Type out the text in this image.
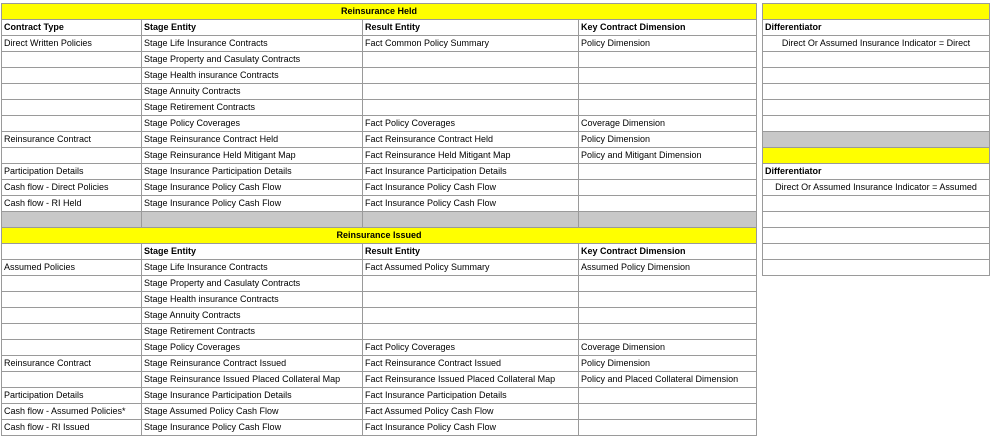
Reinsurance Held			
Contract Type	Stage Entity	Result Entity	Key Contract Dimension
Direct Written Policies	Stage Life Insurance Contracts	Fact Common Policy Summary	Policy Dimension
	Stage Property and Casulaty Contracts		
	Stage Health insurance Contracts		
	Stage Annuity Contracts		
	Stage Retirement Contracts		
	Stage Policy Coverages	Fact Policy Coverages	Coverage Dimension
Reinsurance Contract	Stage Reinsurance Contract Held	Fact Reinsurance Contract Held	Policy Dimension
	Stage Reinsurance Held Mitigant Map	Fact Reinsurance Held Mitigant Map	Policy and Mitigant Dimension
Participation Details	Stage Insurance Participation Details	Fact Insurance Participation Details	
Cash flow - Direct Policies	Stage Insurance Policy Cash Flow	Fact Insurance Policy Cash Flow	
Cash flow - RI Held	Stage Insurance Policy Cash Flow	Fact Insurance Policy Cash Flow	

Reinsurance Issued			
	Stage Entity	Result Entity	Key Contract Dimension
Assumed Policies	Stage Life Insurance Contracts	Fact Assumed Policy Summary	Assumed Policy Dimension
	Stage Property and Casulaty Contracts		
	Stage Health insurance Contracts		
	Stage Annuity Contracts		
	Stage Retirement Contracts		
	Stage Policy Coverages	Fact Policy Coverages	Coverage Dimension
Reinsurance Contract	Stage Reinsurance Contract Issued	Fact Reinsurance Contract Issued	Policy Dimension
	Stage Reinsurance Issued Placed Collateral Map	Fact Reinsurance Issued Placed Collateral Map	Policy and Placed Collateral Dimension
Participation Details	Stage Insurance Participation Details	Fact Insurance Participation Details	
Cash flow - Assumed Policies*	Stage Assumed Policy Cash Flow	Fact Assumed Policy Cash Flow	
Cash flow - RI Issued	Stage Insurance Policy Cash Flow	Fact Insurance Policy Cash Flow	

Differentiator
Direct Or Assumed Insurance Indicator = Direct

Differentiator
Direct Or Assumed Insurance Indicator = Assumed
